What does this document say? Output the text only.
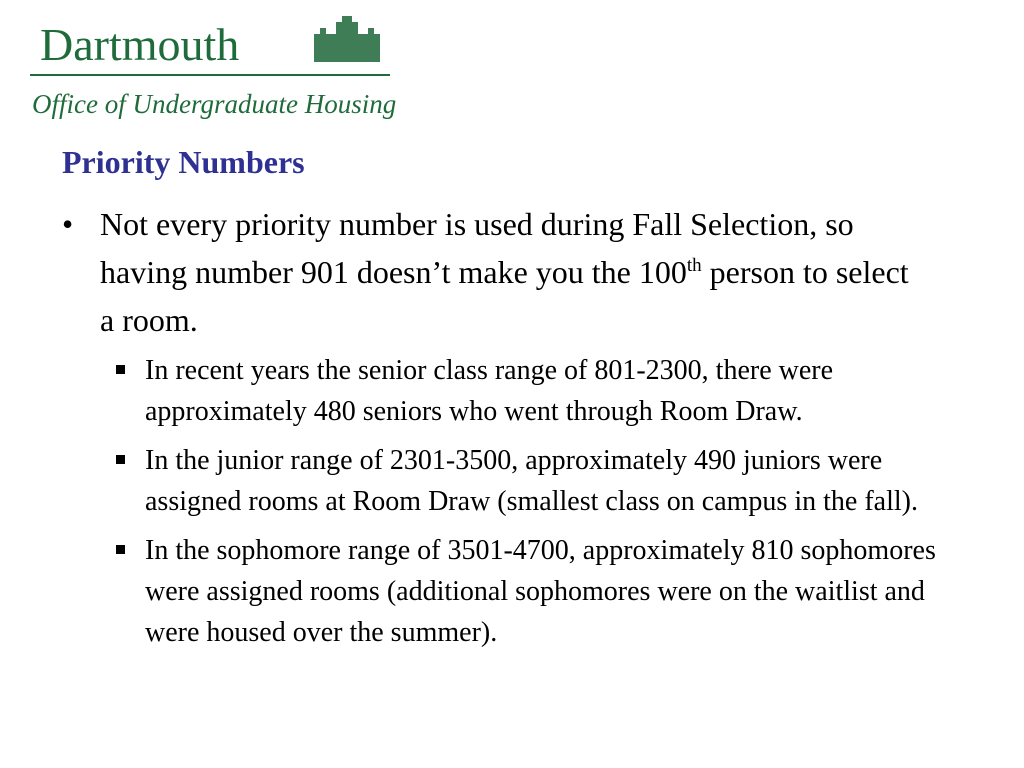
Dartmouth
Office of Undergraduate Housing
Priority Numbers
• Not every priority number is used during Fall Selection, so having number 901 doesn’t make you the 100th person to select a room.
In recent years the senior class range of 801-2300, there were approximately 480 seniors who went through Room Draw.
In the junior range of 2301-3500, approximately 490 juniors were assigned rooms at Room Draw (smallest class on campus in the fall).
In the sophomore range of 3501-4700, approximately 810 sophomores were assigned rooms (additional sophomores were on the waitlist and were housed over the summer).
